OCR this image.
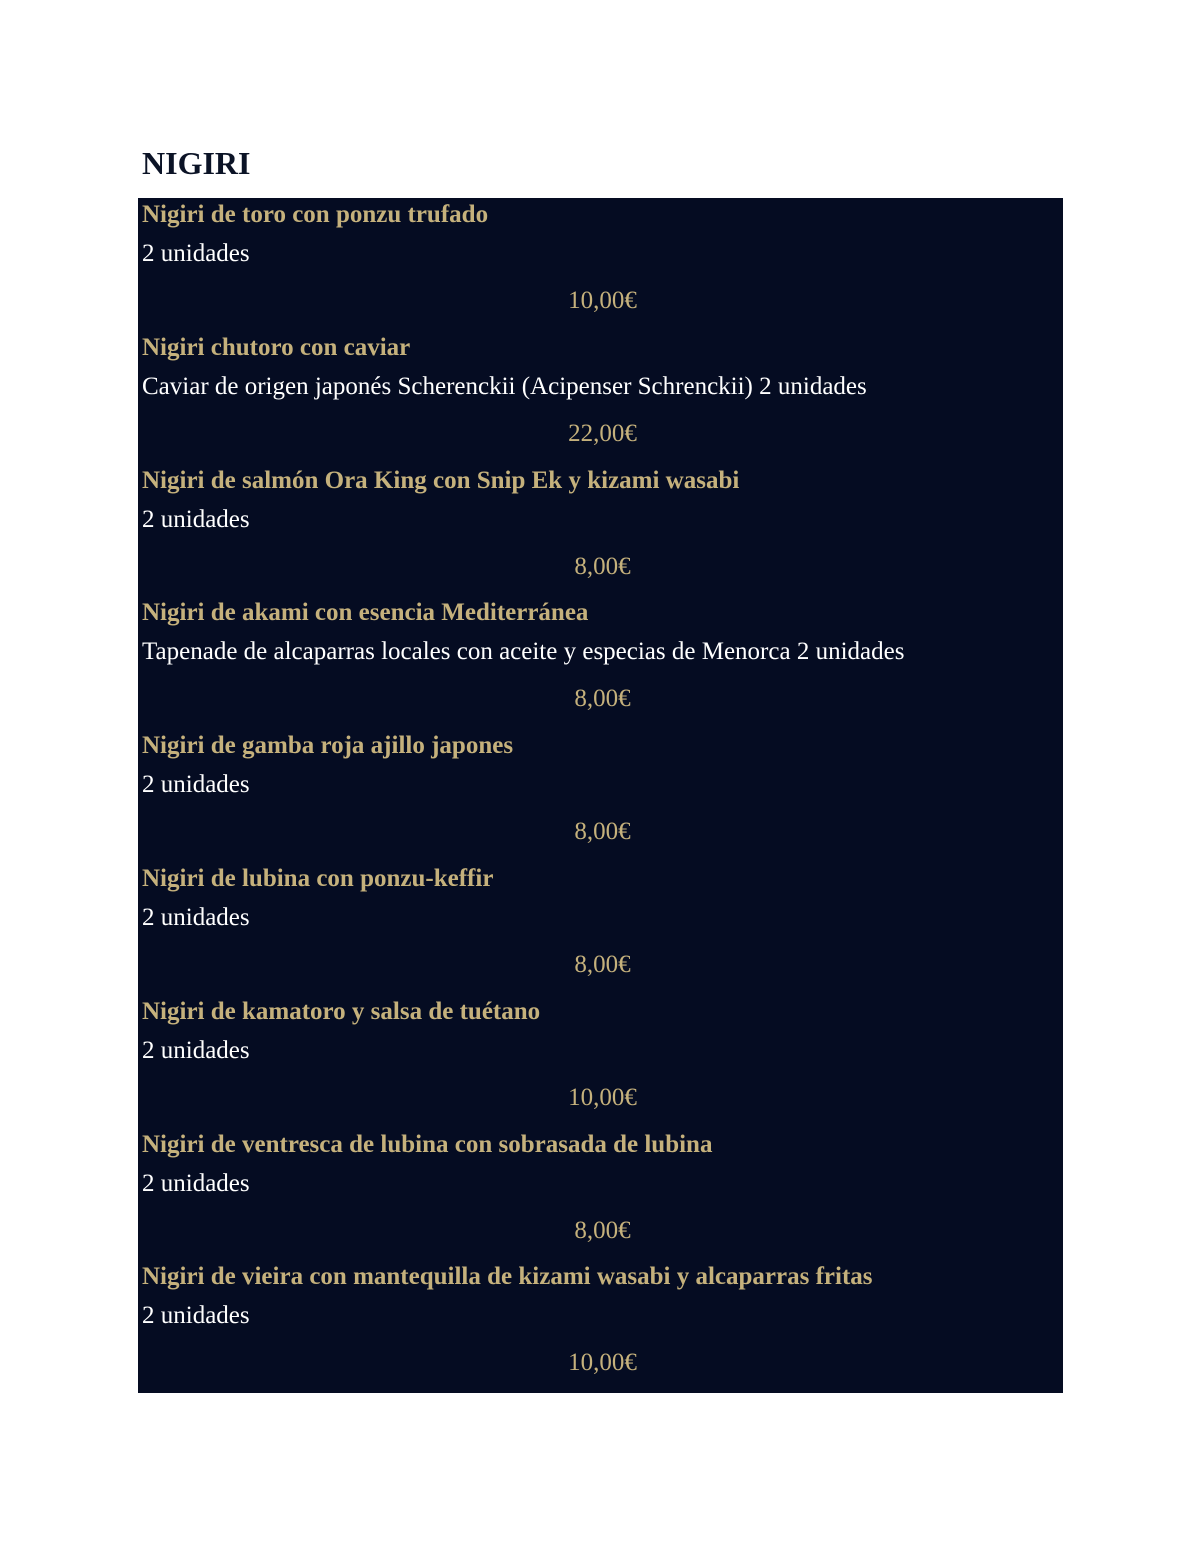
NIGIRI
Nigiri de toro con ponzu trufado
2 unidades
10,00€
Nigiri chutoro con caviar
Caviar de origen japonés Scherenckii (Acipenser Schrenckii) 2 unidades
22,00€
Nigiri de salmón Ora King con Snip Ek y kizami wasabi
2 unidades
8,00€
Nigiri de akami con esencia Mediterránea
Tapenade de alcaparras locales con aceite y especias de Menorca 2 unidades
8,00€
Nigiri de gamba roja ajillo japones
2 unidades
8,00€
Nigiri de lubina con ponzu-keffir
2 unidades
8,00€
Nigiri de kamatoro y salsa de tuétano
2 unidades
10,00€
Nigiri de ventresca de lubina con sobrasada de lubina
2 unidades
8,00€
Nigiri de vieira con mantequilla de kizami wasabi y alcaparras fritas
2 unidades
10,00€
